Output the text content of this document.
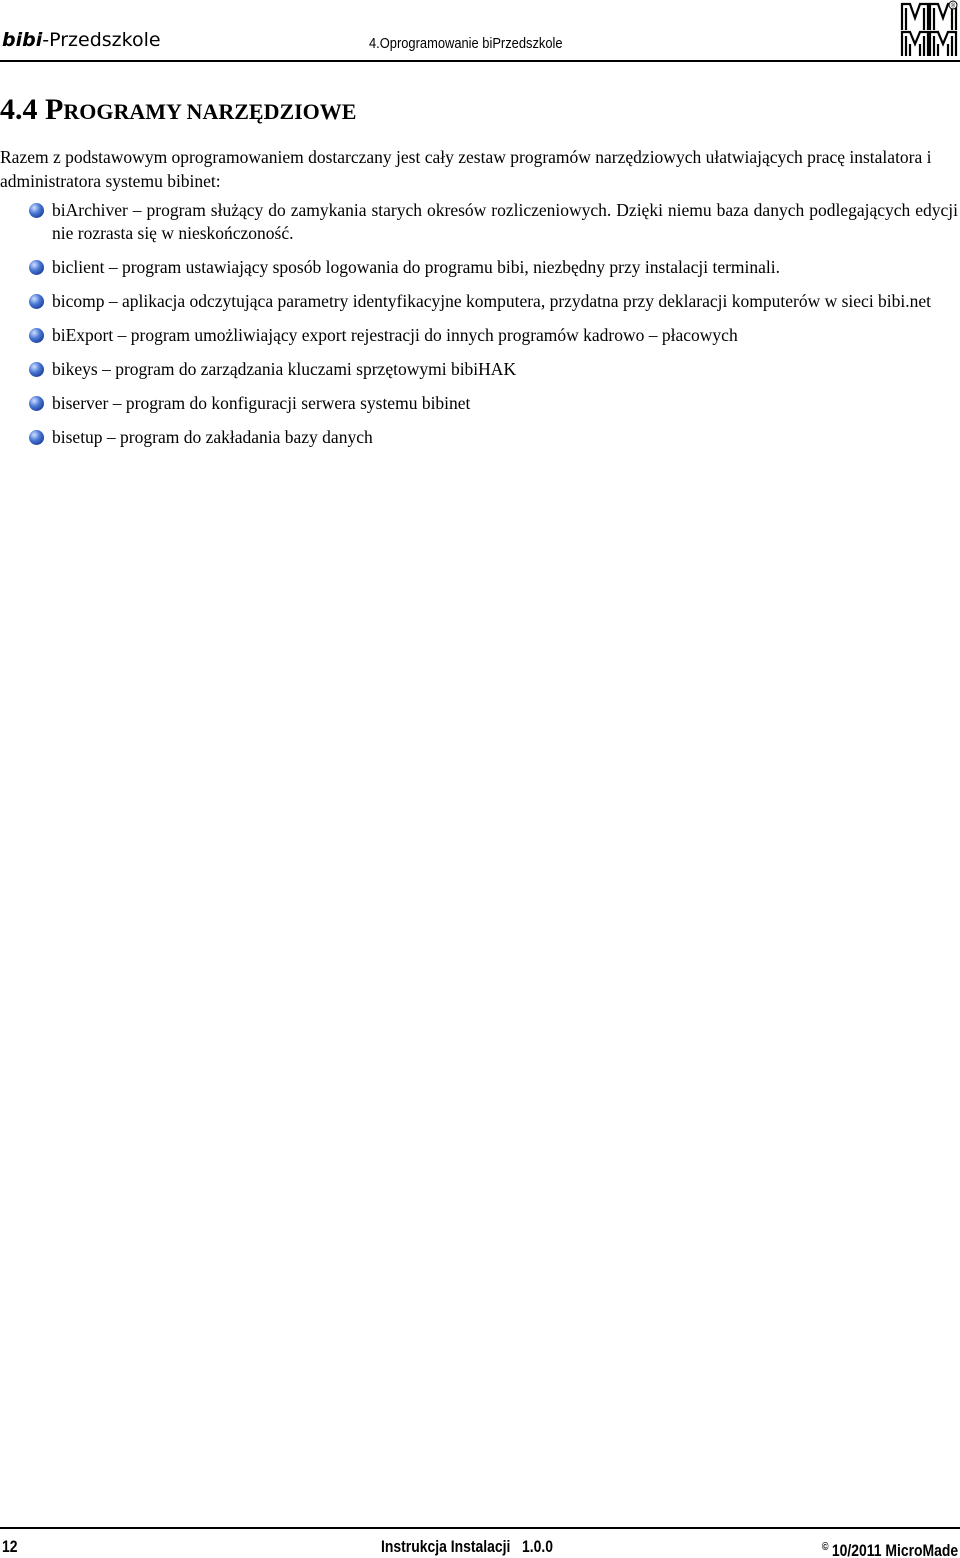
bibi-Przedszkole	4.Oprogramowanie biPrzedszkole
®
4.4 PROGRAMY NARZĘDZIOWE

Razem z podstawowym oprogramowaniem dostarczany jest cały zestaw programów narzędziowych ułatwiających pracę instalatora i administratora systemu bibinet:

biArchiver – program służący do zamykania starych okresów rozliczeniowych. Dzięki niemu baza danych podlegających edycji nie rozrasta się w nieskończoność.
biclient – program ustawiający sposób logowania do programu bibi, niezbędny przy instalacji terminali.
bicomp – aplikacja odczytująca parametry identyfikacyjne komputera, przydatna przy deklaracji komputerów w sieci bibi.net
biExport – program umożliwiający export rejestracji do innych programów kadrowo – płacowych
bikeys – program do zarządzania kluczami sprzętowymi bibiHAK
biserver – program do konfiguracji serwera systemu bibinet
bisetup – program do zakładania bazy danych
12	Instrukcja Instalacji   1.0.0	© 10/2011 MicroMade
